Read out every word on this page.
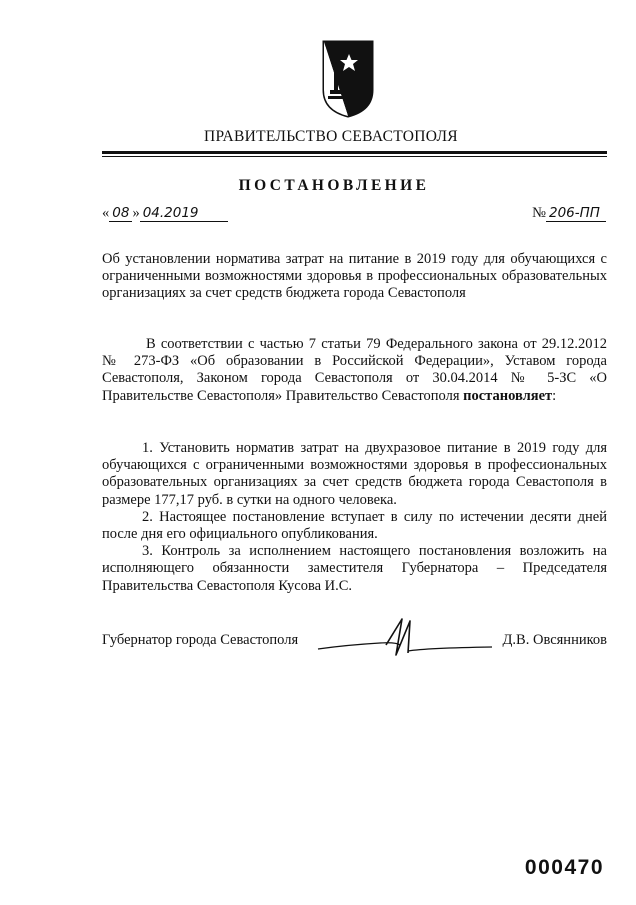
ПРАВИТЕЛЬСТВО СЕВАСТОПОЛЯ
ПОСТАНОВЛЕНИЕ
« 08 » 04.2019	№ 206-ПП
Об установлении норматива затрат на питание в 2019 году для обучающихся с ограниченными возможностями здоровья в профессиональных образовательных организациях за счет средств бюджета города Севастополя
В соответствии с частью 7 статьи 79 Федерального закона от 29.12.2012 № 273-ФЗ «Об образовании в Российской Федерации», Уставом города Севастополя, Законом города Севастополя от 30.04.2014 № 5-ЗС «О Правительстве Севастополя» Правительство Севастополя постановляет:

1. Установить норматив затрат на двухразовое питание в 2019 году для обучающихся с ограниченными возможностями здоровья в профессиональных образовательных организациях за счет средств бюджета города Севастополя в размере 177,17 руб. в сутки на одного человека.

2. Настоящее постановление вступает в силу по истечении десяти дней после дня его официального опубликования.

3. Контроль за исполнением настоящего постановления возложить на исполняющего обязанности заместителя Губернатора – Председателя Правительства Севастополя Кусова И.С.

Губернатор города Севастополя	Д.В. Овсянников
000470
